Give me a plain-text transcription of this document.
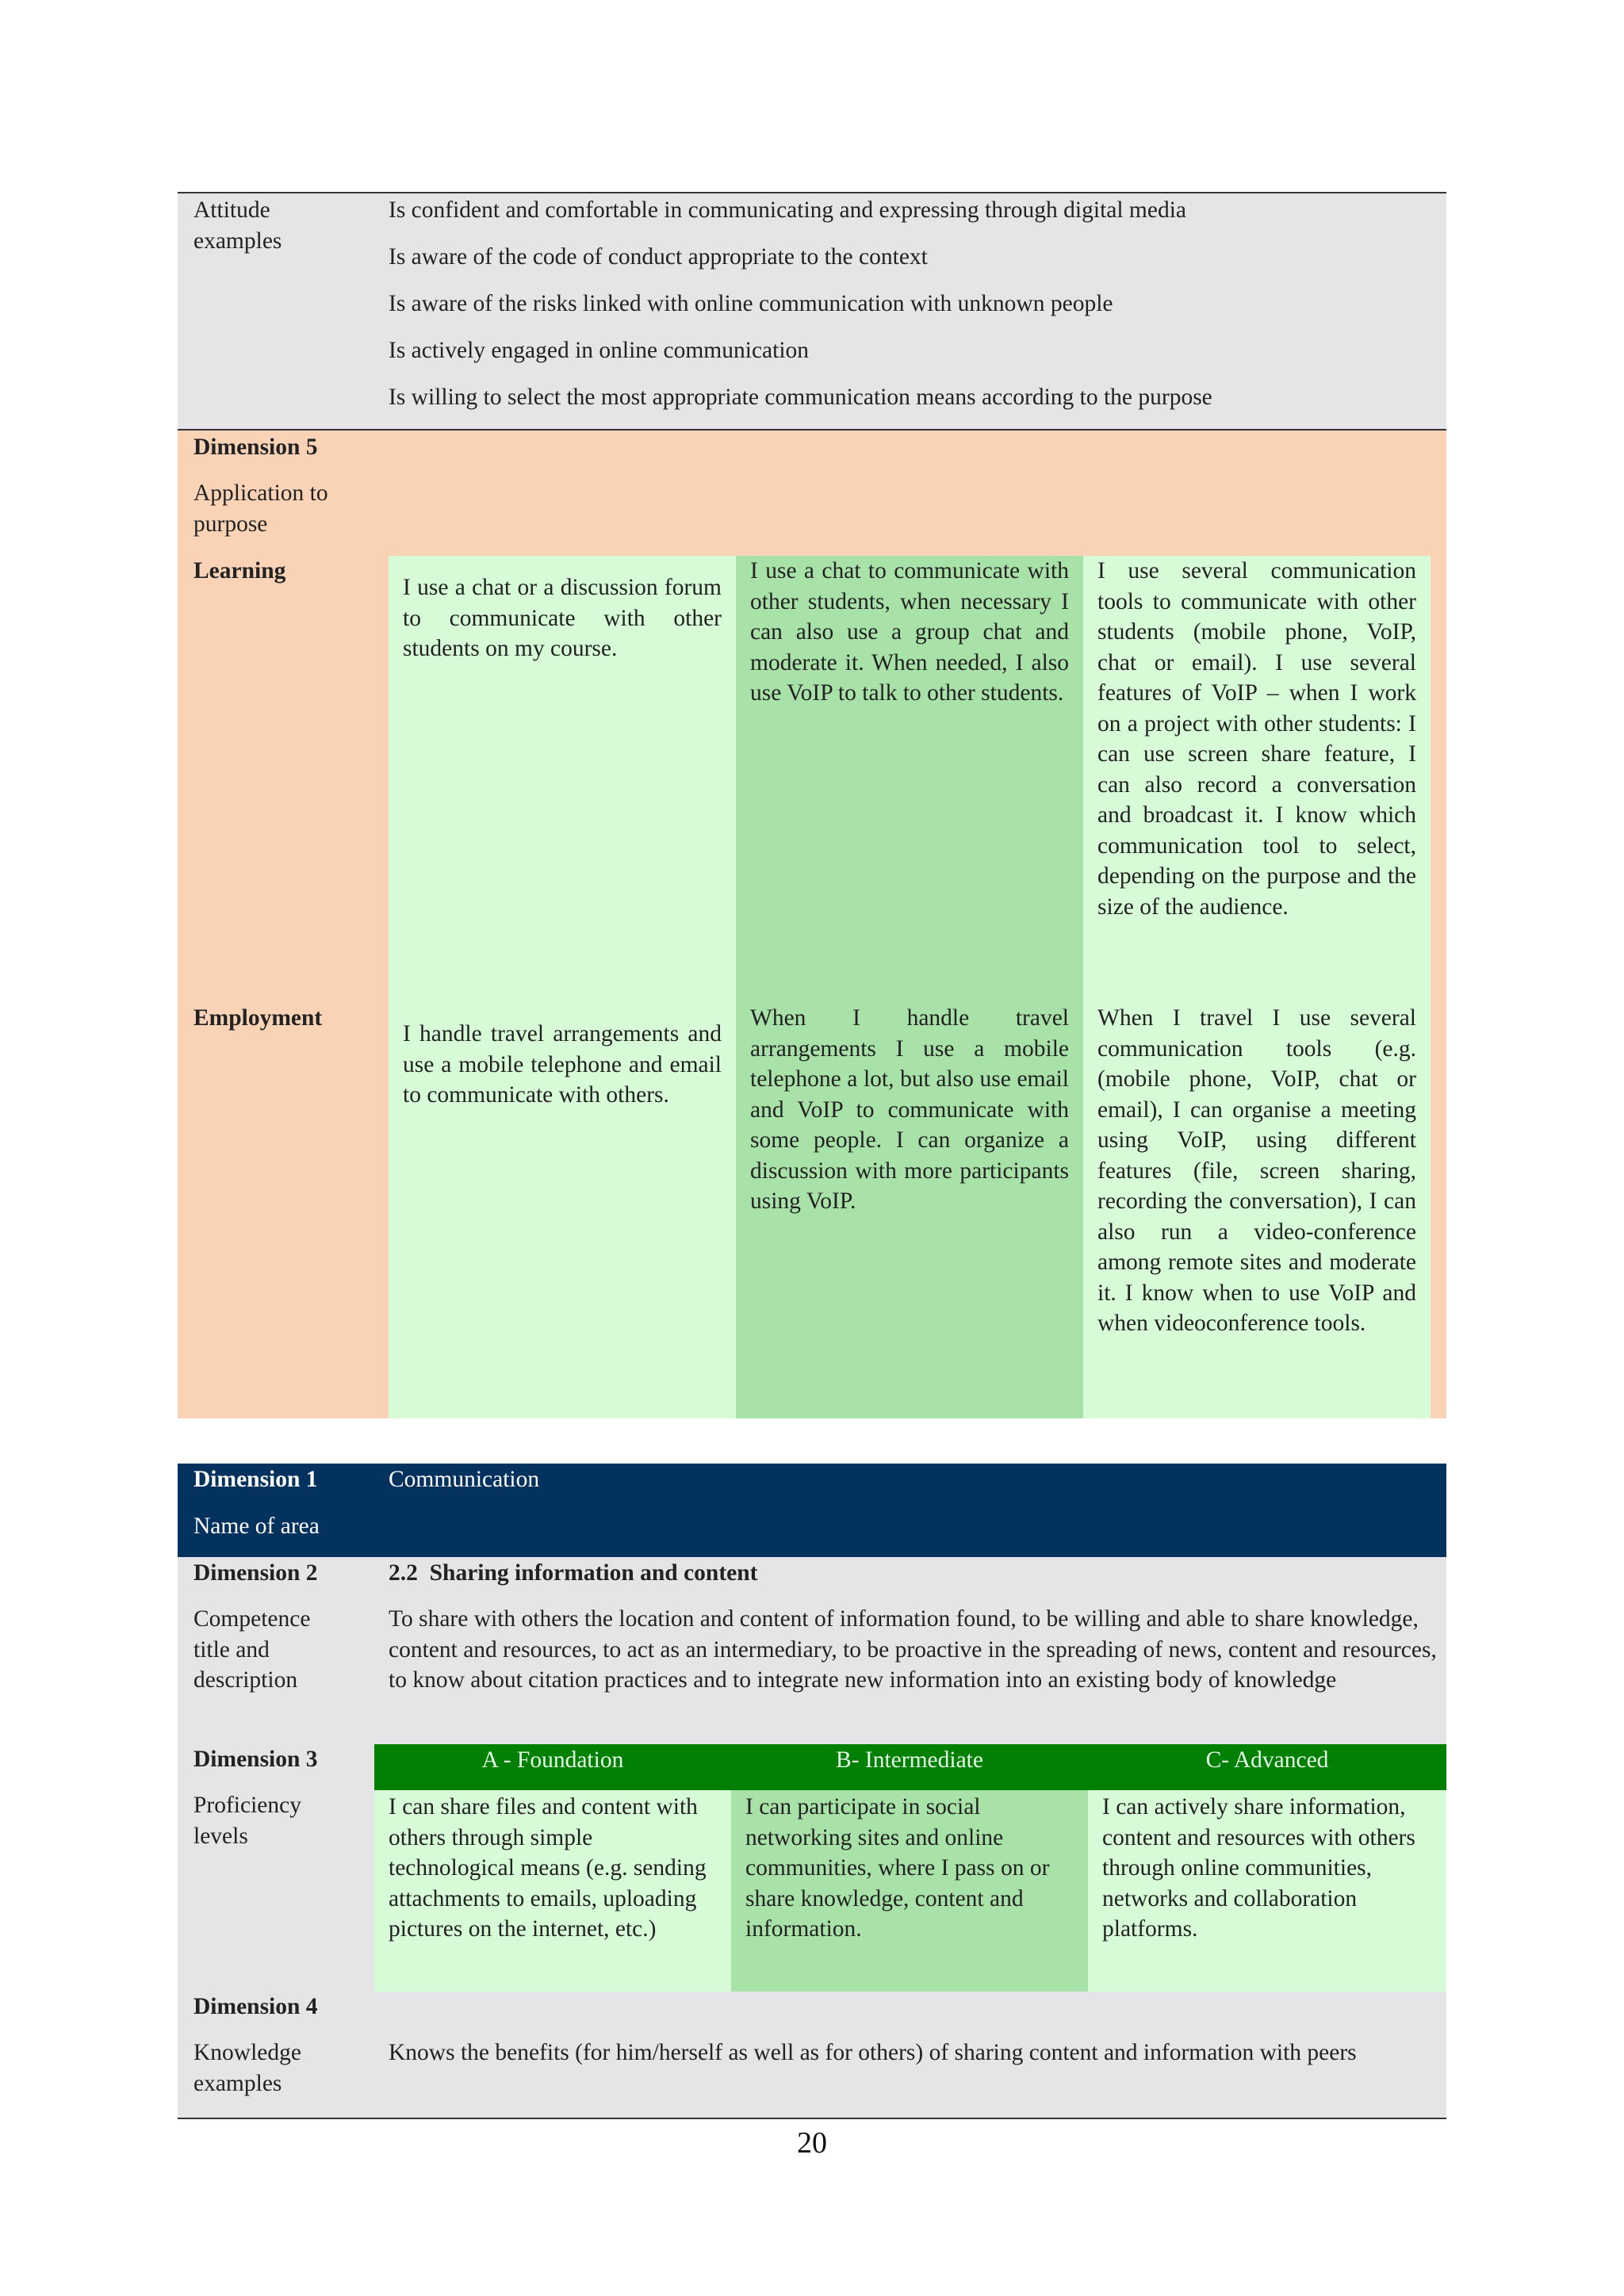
Attitude examples

Is confident and comfortable in communicating and expressing through digital media

Is aware of the code of conduct appropriate to the context

Is aware of the risks linked with online communication with unknown people

Is actively engaged in online communication

Is willing to select the most appropriate communication means according to the purpose

Dimension 5
Application to purpose
Learning
I use a chat or a discussion forum to communicate with other students on my course.
I use a chat to communicate with other students, when necessary I can also use a group chat and moderate it. When needed, I also use VoIP to talk to other students.
I use several communication tools to communicate with other students (mobile phone, VoIP, chat or email). I use several features of VoIP – when I work on a project with other students: I can use screen share feature, I can also record a conversation and broadcast it. I know which communication tool to select, depending on the purpose and the size of the audience.
Employment
I handle travel arrangements and use a mobile telephone and email to communicate with others.
When I handle travel arrangements I use a mobile telephone a lot, but also use email and VoIP to communicate with some people. I can organize a discussion with more participants using VoIP.
When I travel I use several communication tools (e.g. (mobile phone, VoIP, chat or email), I can organise a meeting using VoIP, using different features (file, screen sharing, recording the conversation), I can also run a video-conference among remote sites and moderate it. I know when to use VoIP and when videoconference tools.
Dimension 1
Name of area
Communication
Dimension 2
Competence title and description
2.2  Sharing information and content
To share with others the location and content of information found, to be willing and able to share knowledge, content and resources, to act as an intermediary, to be proactive in the spreading of news, content and resources, to know about citation practices and to integrate new information into an existing body of knowledge
Dimension 3
Proficiency levels
A - Foundation	B- Intermediate	C- Advanced
I can share files and content with others through simple technological means (e.g. sending attachments to emails, uploading pictures on the internet, etc.)
I can participate in social networking sites and online communities, where I pass on or share knowledge, content and information.
I can actively share information, content and resources with others through online communities, networks and collaboration platforms.
Dimension 4
Knowledge examples
Knows the benefits (for him/herself as well as for others) of sharing content and information with peers
20
